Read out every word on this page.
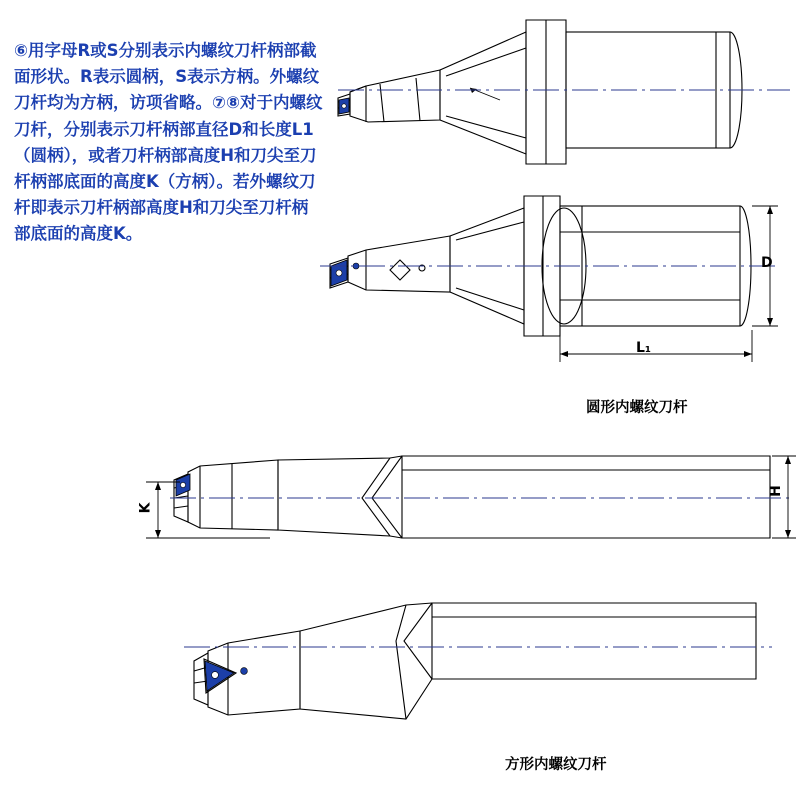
⑥用字母R或S分别表示内螺纹刀杆柄部截面形状。R表示圆柄，S表示方柄。外螺纹刀杆均为方柄，访项省略。⑦⑧对于内螺纹刀杆，分别表示刀杆柄部直径D和长度L1（圆柄），或者刀杆柄部高度H和刀尖至刀杆柄部底面的高度K（方柄）。若外螺纹刀杆即表示刀杆柄部高度H和刀尖至刀杆柄部底面的高度K。
D
L₁
圆形内螺纹刀杆
H
K
方形内螺纹刀杆
